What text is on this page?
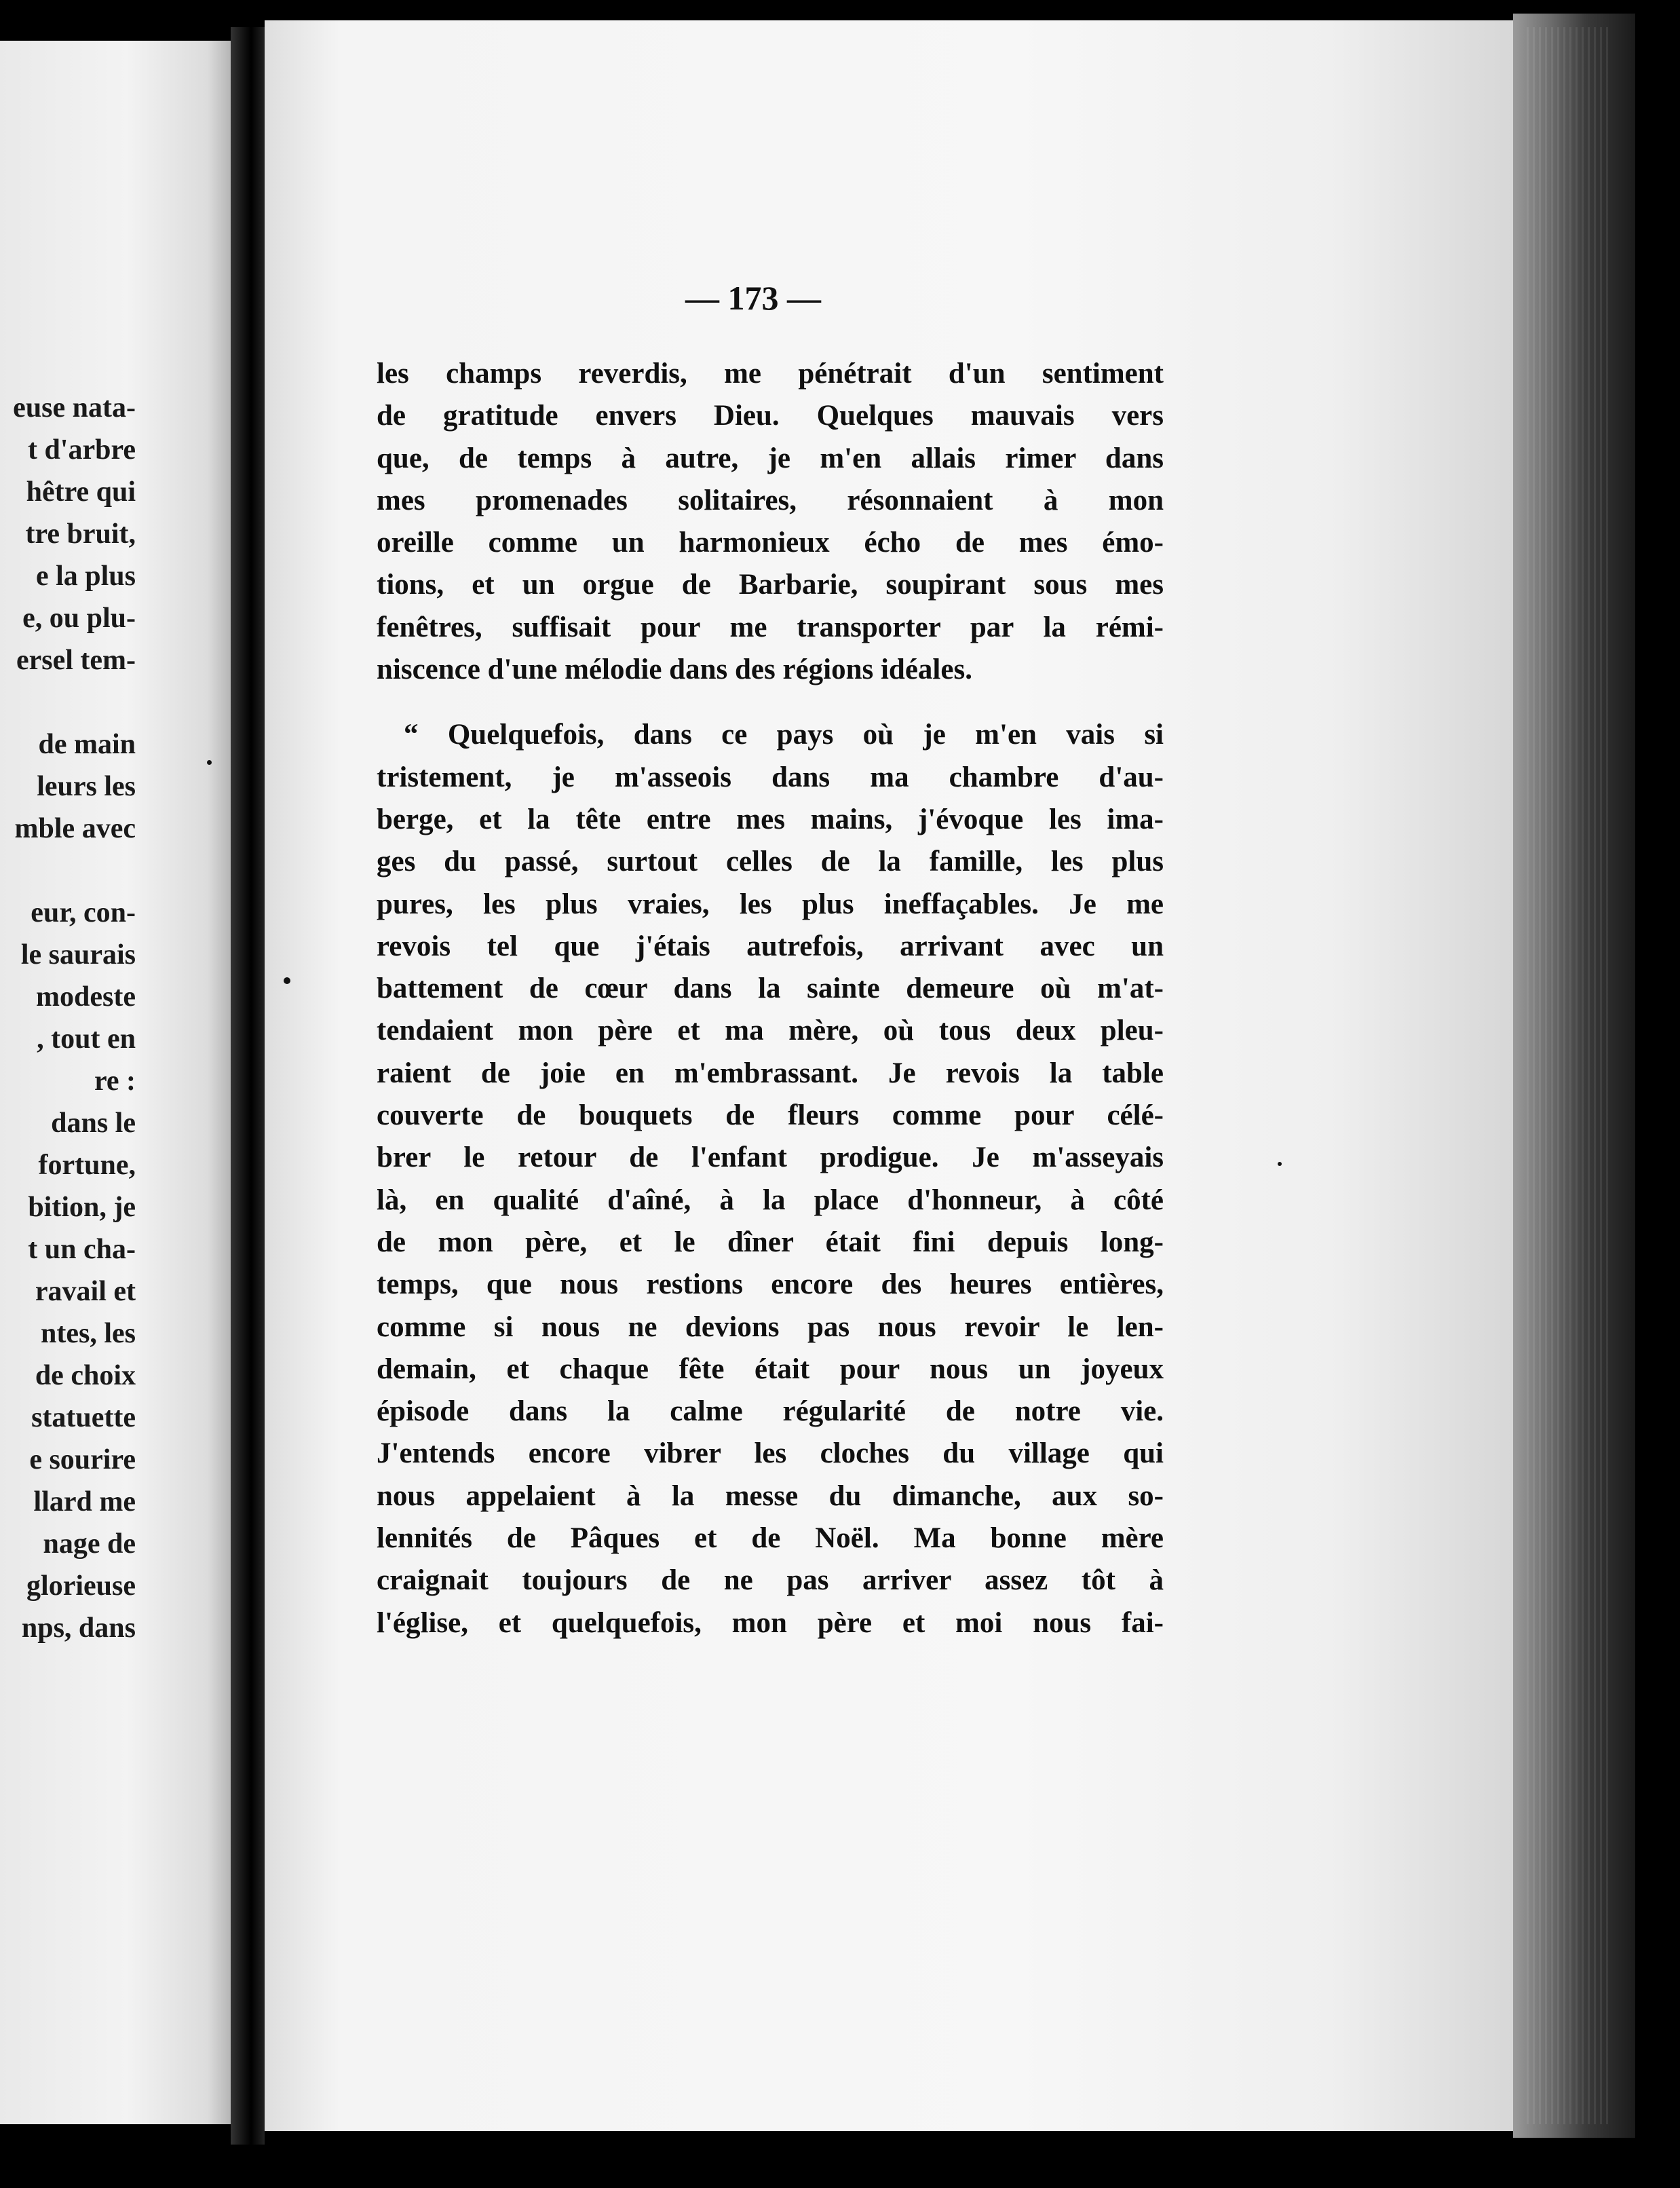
euse nata-
t d'arbre
hêtre qui
tre bruit,
e la plus
e, ou plu-
ersel tem-
de main
leurs les
mble avec
eur, con-
le saurais
modeste
, tout en
re :
dans le
fortune,
bition, je
t un cha-
ravail et
ntes, les
de choix
statuette
e sourire
llard me
nage de
glorieuse
nps, dans
— 173 —
les champs reverdis, me pénétrait d'un sentiment
de gratitude envers Dieu. Quelques mauvais vers
que, de temps à autre, je m'en allais rimer dans
mes promenades solitaires, résonnaient à mon
oreille comme un harmonieux écho de mes émo-
tions, et un orgue de Barbarie, soupirant sous mes
fenêtres, suffisait pour me transporter par la rémi-
niscence d'une mélodie dans des régions idéales.
“ Quelquefois, dans ce pays où je m'en vais si
tristement, je m'asseois dans ma chambre d'au-
berge, et la tête entre mes mains, j'évoque les ima-
ges du passé, surtout celles de la famille, les plus
pures, les plus vraies, les plus ineffaçables. Je me
revois tel que j'étais autrefois, arrivant avec un
battement de cœur dans la sainte demeure où m'at-
tendaient mon père et ma mère, où tous deux pleu-
raient de joie en m'embrassant. Je revois la table
couverte de bouquets de fleurs comme pour célé-
brer le retour de l'enfant prodigue. Je m'asseyais
là, en qualité d'aîné, à la place d'honneur, à côté
de mon père, et le dîner était fini depuis long-
temps, que nous restions encore des heures entières,
comme si nous ne devions pas nous revoir le len-
demain, et chaque fête était pour nous un joyeux
épisode dans la calme régularité de notre vie.
J'entends encore vibrer les cloches du village qui
nous appelaient à la messe du dimanche, aux so-
lennités de Pâques et de Noël. Ma bonne mère
craignait toujours de ne pas arriver assez tôt à
l'église, et quelquefois, mon père et moi nous fai-
